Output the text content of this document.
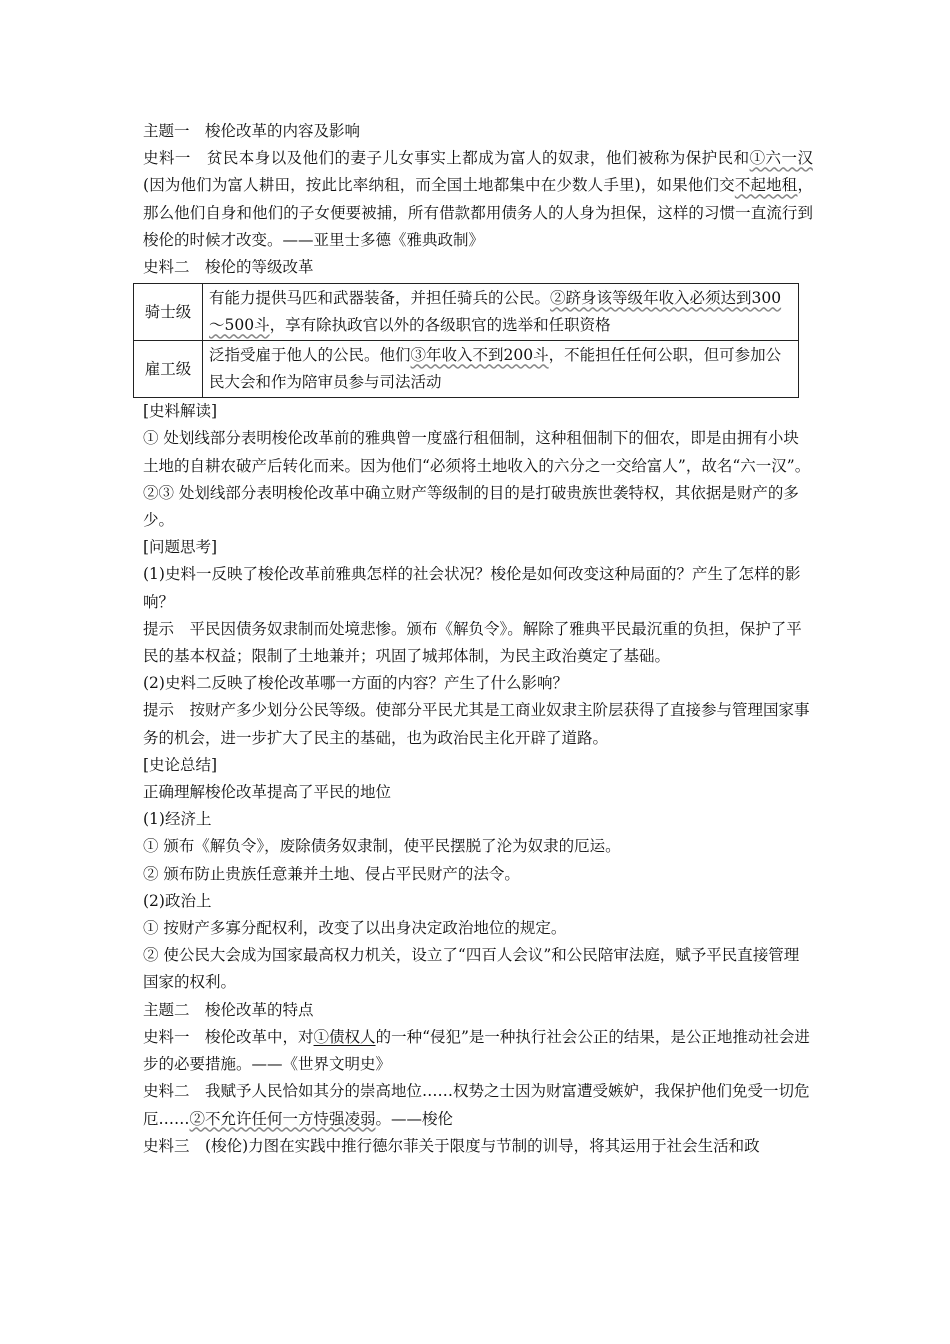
主题一　梭伦改革的内容及影响
史料一　 贫民本身以及他们的妻子儿女事实上都成为富人的奴隶，他们被称为保护民和①六一汉(因为他们为富人耕田，按此比率纳租，而全国土地都集中在少数人手里)，如果他们交不起地租，那么他们自身和他们的子女便要被捕，所有借款都用债务人的人身为担保，这样的习惯一直流行到梭伦的时候才改变。——亚里士多德《雅典政制》
史料二　 梭伦的等级改革
骑士级	有能力提供马匹和武器装备，并担任骑兵的公民。②跻身该等级年收入必须达到300～500斗，享有除执政官以外的各级职官的选举和任职资格
雇工级	泛指受雇于他人的公民。他们③年收入不到200斗，不能担任任何公职，但可参加公民大会和作为陪审员参与司法活动
[史料解读]
① 处划线部分表明梭伦改革前的雅典曾一度盛行租佃制，这种租佃制下的佃农，即是由拥有小块土地的自耕农破产后转化而来。因为他们“必须将土地收入的六分之一交给富人”，故名“六一汉”。
②③ 处划线部分表明梭伦改革中确立财产等级制的目的是打破贵族世袭特权，其依据是财产的多少。
[问题思考]
(1)史料一反映了梭伦改革前雅典怎样的社会状况？梭伦是如何改变这种局面的？产生了怎样的影响？
提示　平民因债务奴隶制而处境悲惨。颁布《解负令》。解除了雅典平民最沉重的负担，保护了平民的基本权益；限制了土地兼并；巩固了城邦体制，为民主政治奠定了基础。
(2)史料二反映了梭伦改革哪一方面的内容？产生了什么影响？
提示　按财产多少划分公民等级。使部分平民尤其是工商业奴隶主阶层获得了直接参与管理国家事务的机会，进一步扩大了民主的基础，也为政治民主化开辟了道路。
[史论总结]
正确理解梭伦改革提高了平民的地位
(1)经济上
① 颁布《解负令》，废除债务奴隶制，使平民摆脱了沦为奴隶的厄运。
② 颁布防止贵族任意兼并土地、侵占平民财产的法令。
(2)政治上
① 按财产多寡分配权利，改变了以出身决定政治地位的规定。
② 使公民大会成为国家最高权力机关，设立了“四百人会议”和公民陪审法庭，赋予平民直接管理国家的权利。
主题二　梭伦改革的特点
史料一　 梭伦改革中，对①债权人的一种“侵犯”是一种执行社会公正的结果，是公正地推动社会进步的必要措施。——《世界文明史》
史料二　 我赋予人民恰如其分的崇高地位……权势之士因为财富遭受嫉妒，我保护他们免受一切危厄……②不允许任何一方恃强凌弱。——梭伦
史料三　 (梭伦)力图在实践中推行德尔菲关于限度与节制的训导，将其运用于社会生活和政
